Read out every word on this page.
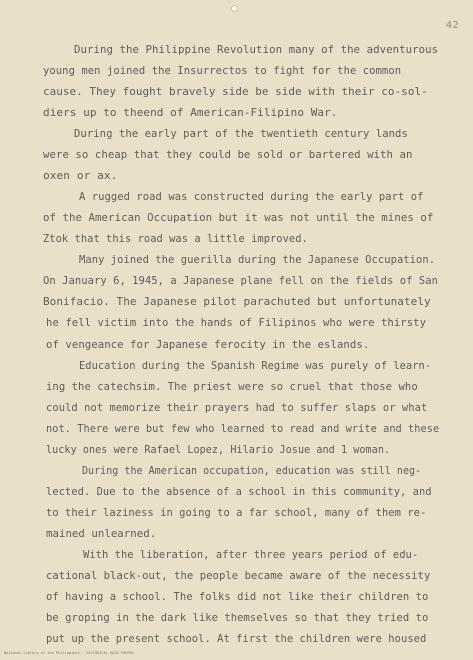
42
During the Philippine Revolution many of the adventurous
young men joined the Insurrectos to fight for the common
cause. They fought bravely side be side with their co-sol-
diers up to theend of American-Filipino War.
During the early part of the twentieth century lands
were so cheap that they could be sold or bartered with an
oxen or ax.
A rugged road was constructed during the early part of
of the American Occupation but it was not until the mines of
Ztok that this road was a little improved.
Many joined the guerilla during the Japanese Occupation.
On January 6, 1945, a Japanese plane fell on the fields of San
Bonifacio. The Japanese pilot parachuted but unfortunately
he fell victim into the hands of Filipinos who were thirsty
of vengeance for Japanese ferocity in the eslands.
Education during the Spanish Regime was purely of learn-
ing the catechsim. The priest were so cruel that those who
could not memorize their prayers had to suffer slaps or what
not. There were but few who learned to read and write and these
lucky ones were Rafael Lopez, Hilario Josue and 1 woman.
During the American occupation, education was still neg-
lected. Due to the absence of a school in this community, and
to their laziness in going to a far school, many of them re-
mained unlearned.
With the liberation, after three years period of edu-
cational black-out, the people became aware of the necessity
of having a school. The folks did not like their children to
be groping in the dark like themselves so that they tried to
put up the present school. At first the children were housed
National Library of the Philippines · HISTORICAL DATA PAPERS
